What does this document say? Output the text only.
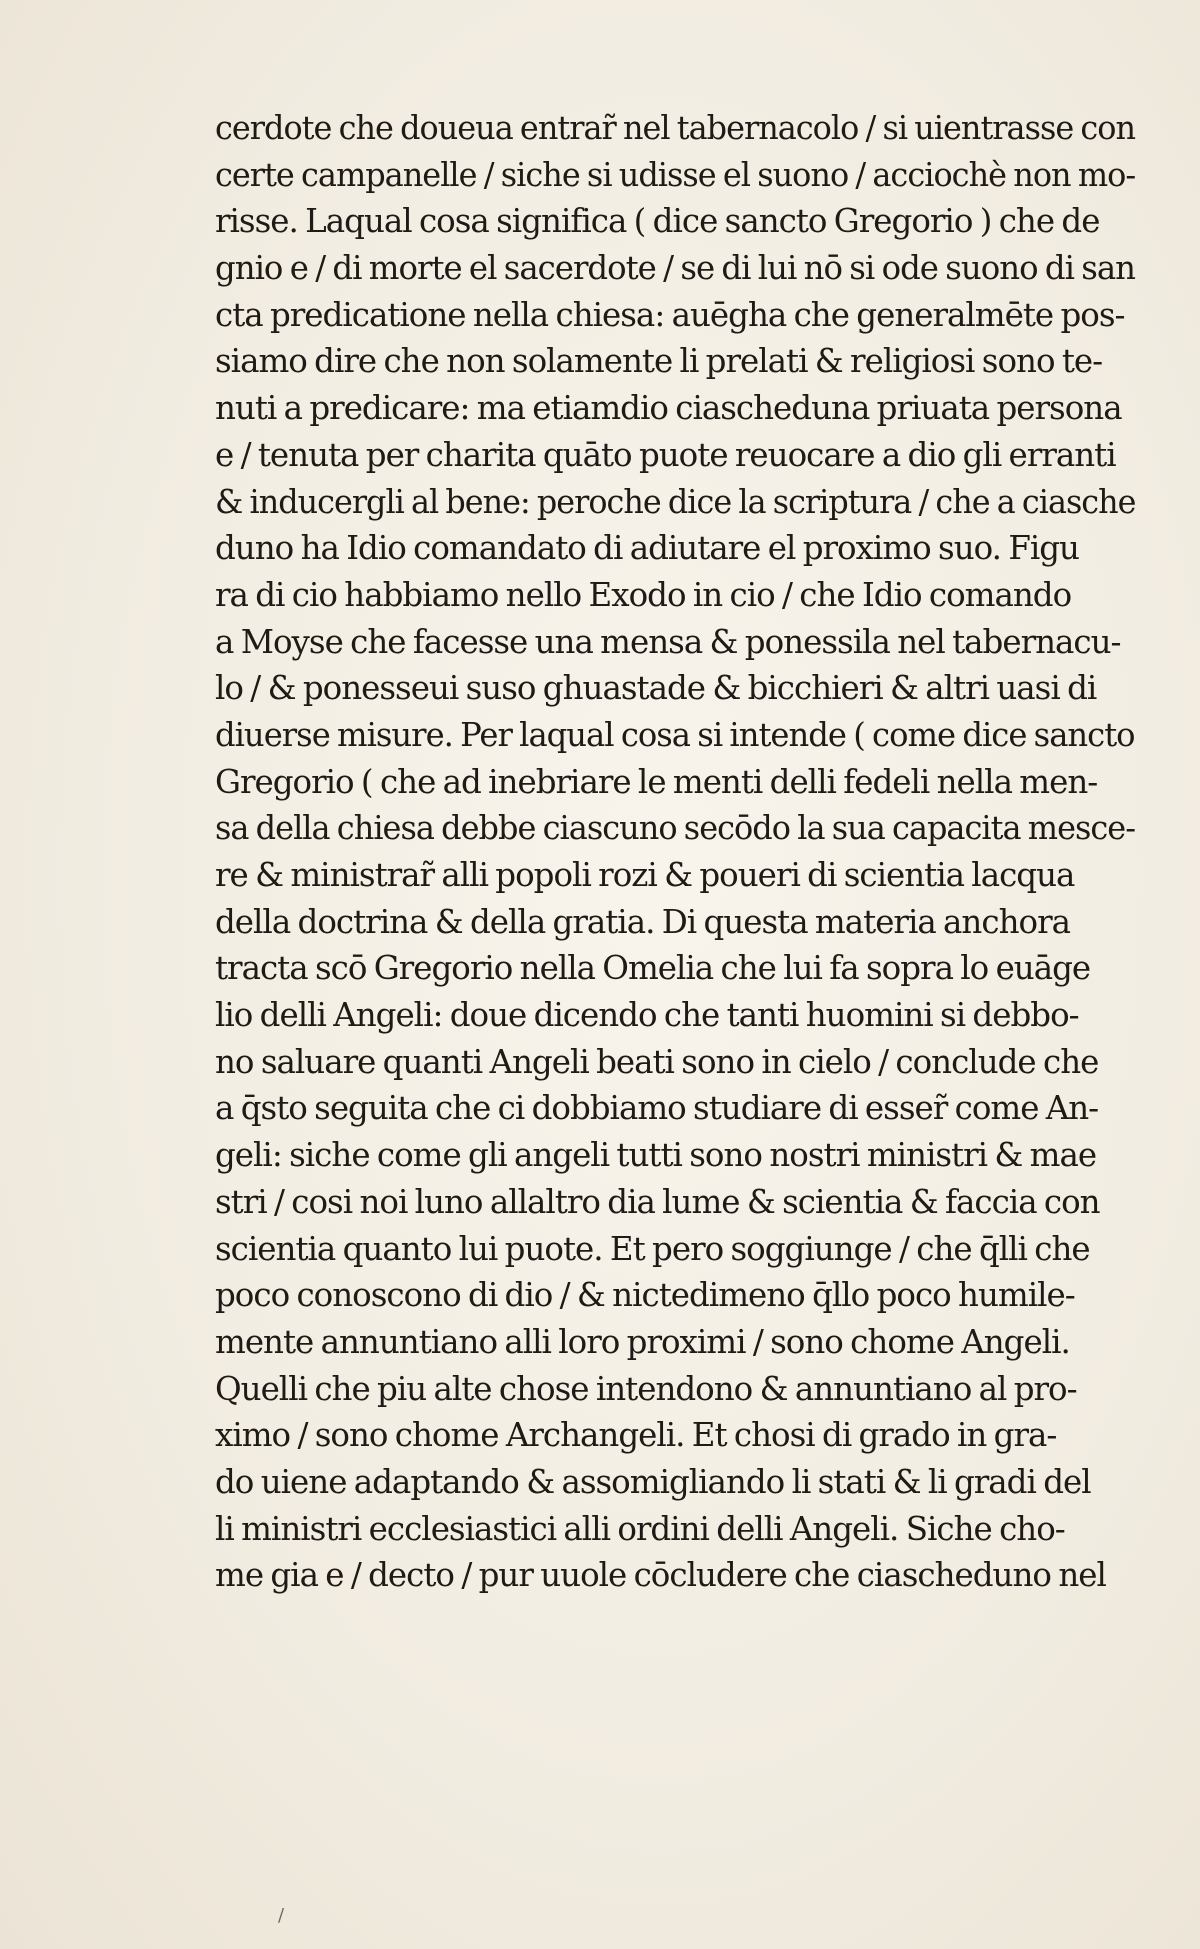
cerdote che doueua entrar̃ nel tabernacolo / si uientrasse con
certe campanelle / siche si udisse el suono / acciochè non mo-
risse. Laqual cosa significa ( dice sancto Gregorio ) che de
gnio e / di morte el sacerdote / se di lui nō si ode suono di san
cta predicatione nella chiesa: auēgha che generalmēte pos-
siamo dire che non solamente li prelati & religiosi sono te-
nuti a predicare: ma etiamdio ciascheduna priuata persona
e / tenuta per charita quāto puote reuocare a dio gli erranti
& inducergli al bene: peroche dice la scriptura / che a ciasche
duno ha Idio comandato di adiutare el proximo suo. Figu
ra di cio habbiamo nello Exodo in cio / che Idio comando
a Moyse che facesse una mensa & ponessila nel tabernacu-
lo / & ponesseui suso ghuastade & bicchieri & altri uasi di
diuerse misure. Per laqual cosa si intende ( come dice sancto
Gregorio ( che ad inebriare le menti delli fedeli nella men-
sa della chiesa debbe ciascuno secōdo la sua capacita mesce-
re & ministrar̃ alli popoli rozi & poueri di scientia lacqua
della doctrina & della gratia. Di questa materia anchora
tracta scō Gregorio nella Omelia che lui fa sopra lo euāge
lio delli Angeli: doue dicendo che tanti huomini si debbo-
no saluare quanti Angeli beati sono in cielo / conclude che
a q̄sto seguita che ci dobbiamo studiare di esser̃ come An-
geli: siche come gli angeli tutti sono nostri ministri & mae
stri / cosi noi luno allaltro dia lume & scientia & faccia con
scientia quanto lui puote. Et pero soggiunge / che q̄lli che
poco conoscono di dio / & nictedimeno q̄llo poco humile-
mente annuntiano alli loro proximi / sono chome Angeli.
Quelli che piu alte chose intendono & annuntiano al pro-
ximo / sono chome Archangeli. Et chosi di grado in gra-
do uiene adaptando & assomigliando li stati & li gradi del
li ministri ecclesiastici alli ordini delli Angeli. Siche cho-
me gia e / decto / pur uuole cōcludere che ciascheduno nel
/
